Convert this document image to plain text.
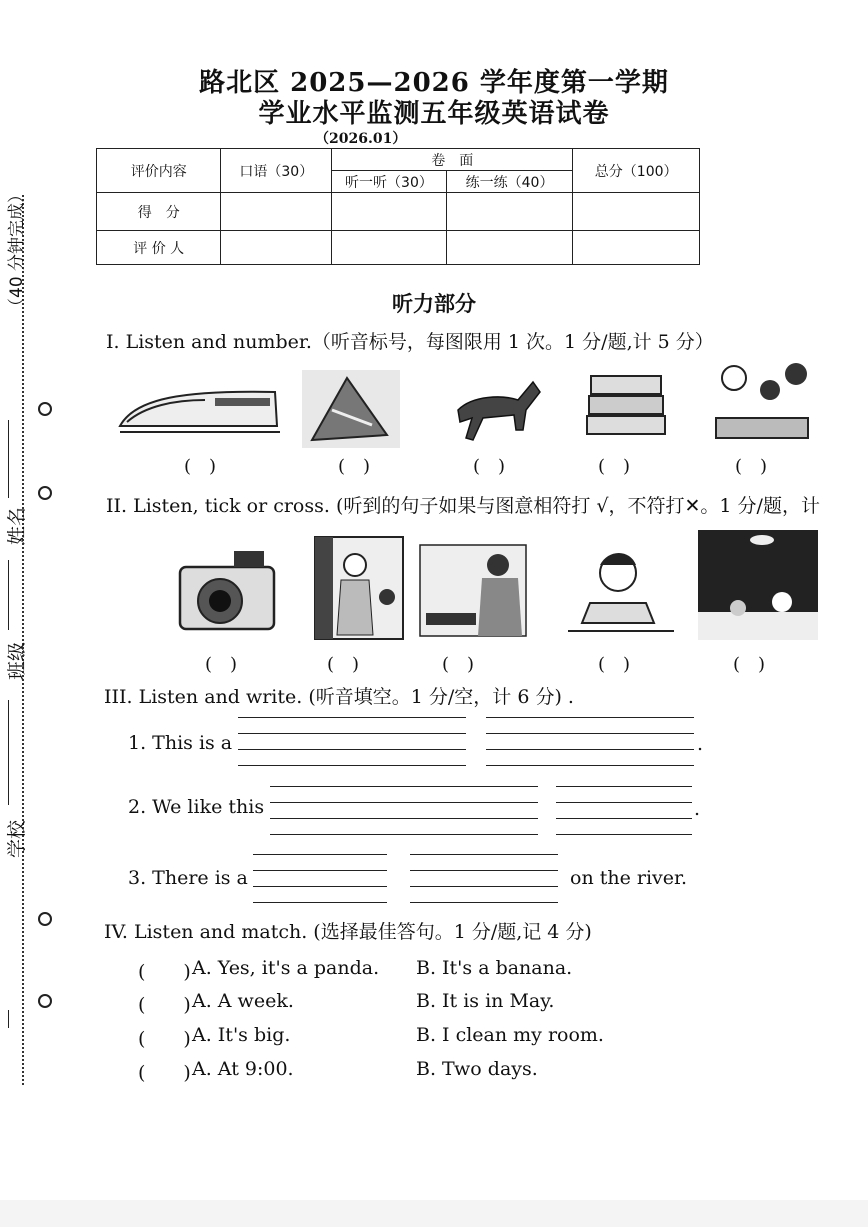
（40 分钟完成）
姓名
班级
学校
路北区 2025—2026 学年度第一学期
学业水平监测五年级英语试卷
（2026.01）
评价内容	口语（30）	卷　面		总分（100）
		听一听（30）	练一练（40）	
得　分				
评 价 人				
听力部分
I. Listen and number.（听音标号，每图限用 1 次。1 分/题,计 5 分）
(　)	(　)	(　)	(　)	(　)
II. Listen, tick or cross. (听到的句子如果与图意相符打 √，不符打✕。1 分/题，计
(　)	(　)	(　)	(　)	(　)
III. Listen and write. (听音填空。1 分/空，计 6 分) .
1. This is a	.
2. We like this	.
3. There is a	on the river.
IV. Listen and match. (选择最佳答句。1 分/题,记 4 分)
(　　) A. Yes, it's a panda. B. It's a banana.
(　　) A. A week.	B. It is in May.
(　　) A. It's big.	B. I clean my room.
(　　) A. At 9:00.	B. Two days.
